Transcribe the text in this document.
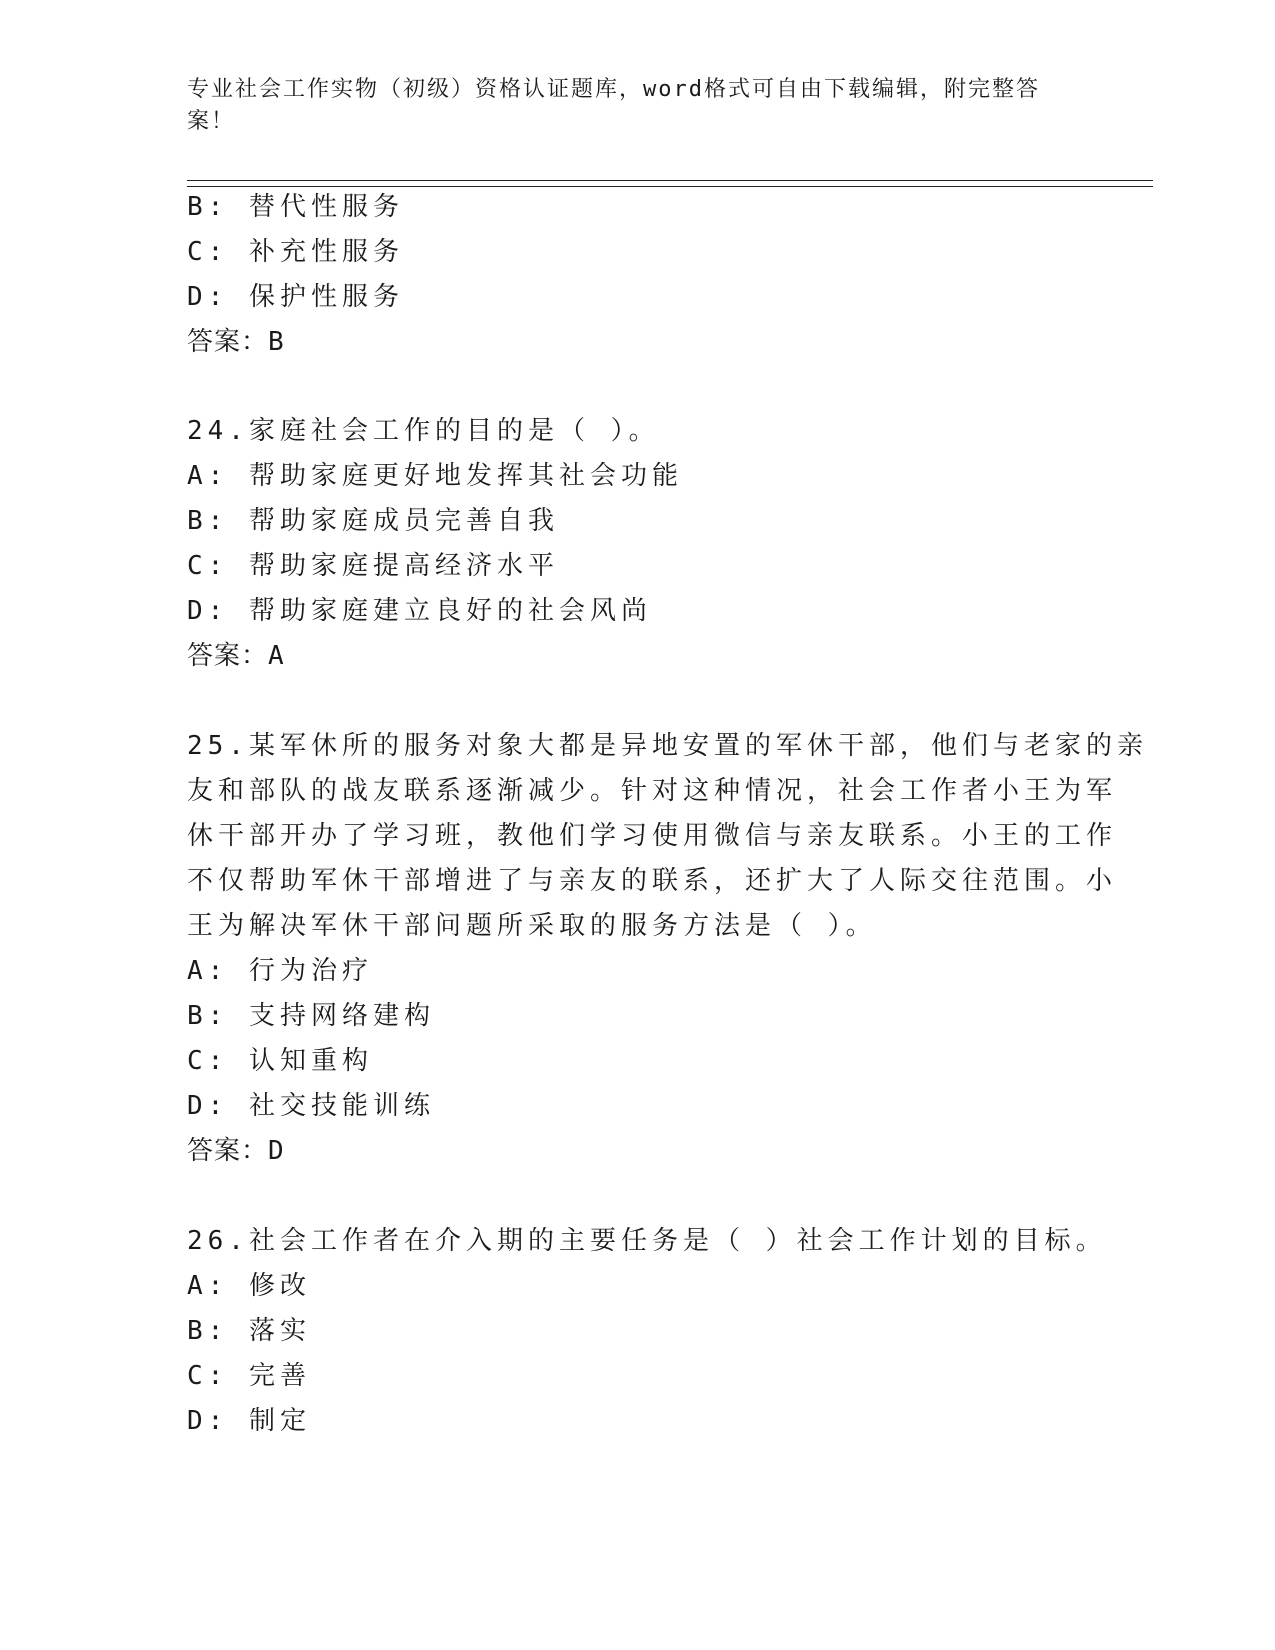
专业社会工作实物（初级）资格认证题库，word格式可自由下载编辑，附完整答案！
B: 替代性服务
C: 补充性服务
D: 保护性服务
答案：B
24.家庭社会工作的目的是（ ）。
A: 帮助家庭更好地发挥其社会功能
B: 帮助家庭成员完善自我
C: 帮助家庭提高经济水平
D: 帮助家庭建立良好的社会风尚
答案：A
25.某军休所的服务对象大都是异地安置的军休干部，他们与老家的亲
友和部队的战友联系逐渐减少。针对这种情况，社会工作者小王为军
休干部开办了学习班，教他们学习使用微信与亲友联系。小王的工作
不仅帮助军休干部增进了与亲友的联系，还扩大了人际交往范围。小
王为解决军休干部问题所采取的服务方法是（ ）。
A: 行为治疗
B: 支持网络建构
C: 认知重构
D: 社交技能训练
答案：D
26.社会工作者在介入期的主要任务是（ ）社会工作计划的目标。
A: 修改
B: 落实
C: 完善
D: 制定
